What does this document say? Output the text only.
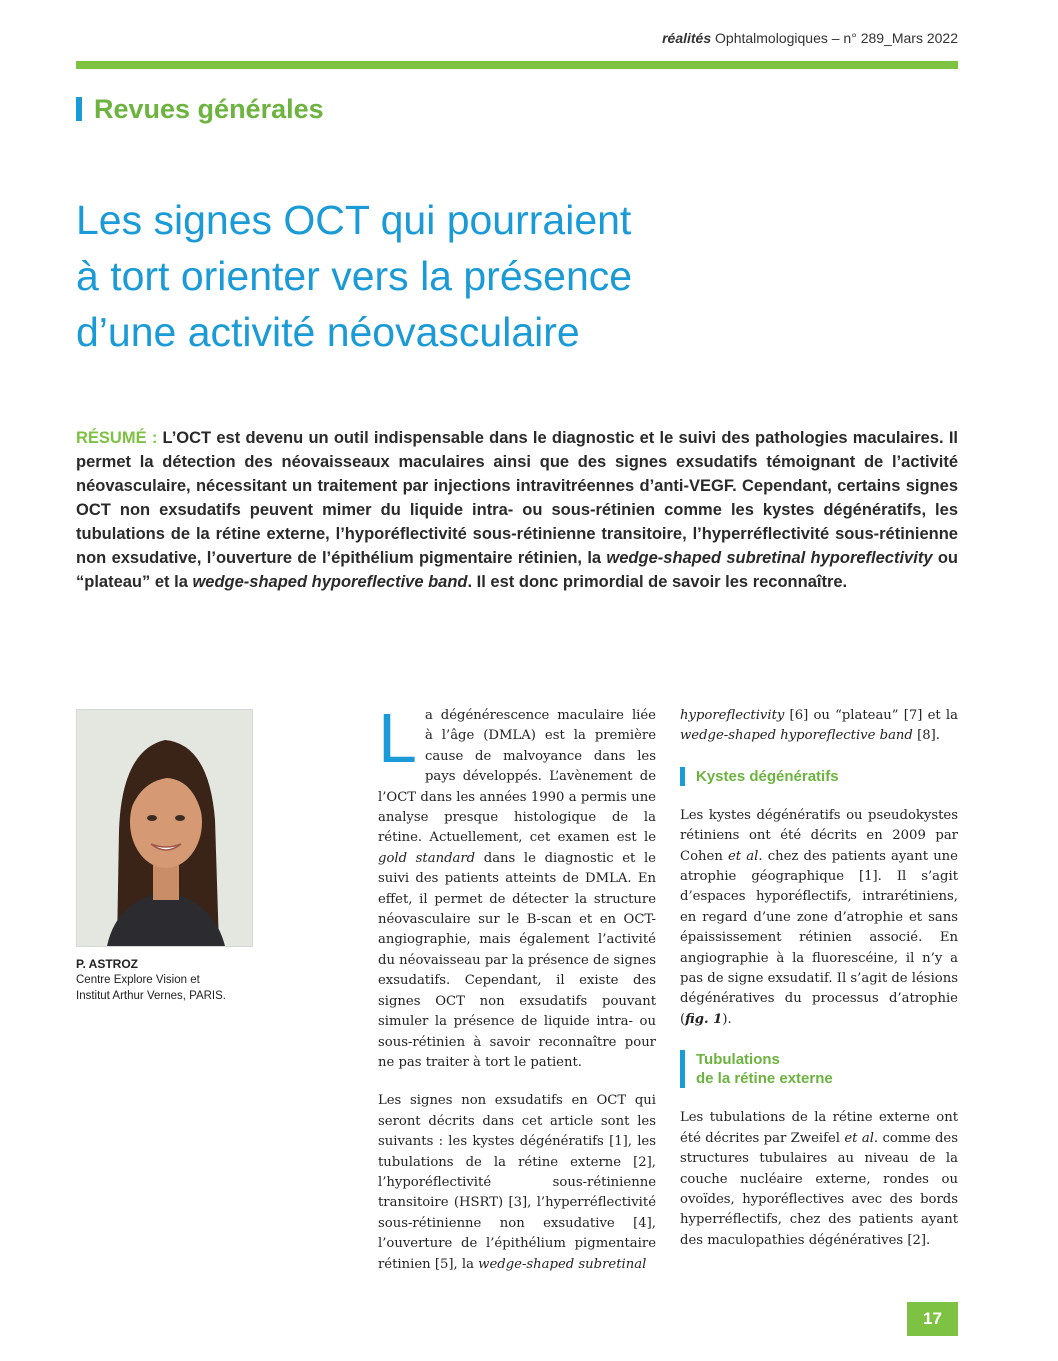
réalités Ophtalmologiques – n° 289_Mars 2022
Revues générales
Les signes OCT qui pourraient
à tort orienter vers la présence
d’une activité néovasculaire

RÉSUMÉ : L’OCT est devenu un outil indispensable dans le diagnostic et le suivi des pathologies maculaires. Il permet la détection des néovaisseaux maculaires ainsi que des signes exsudatifs témoignant de l’activité néovasculaire, nécessitant un traitement par injections intravitréennes d’anti-VEGF. Cependant, certains signes OCT non exsudatifs peuvent mimer du liquide intra- ou sous-rétinien comme les kystes dégénératifs, les tubulations de la rétine externe, l’hyporéflectivité sous-rétinienne transitoire, l’hyperréflectivité sous-rétinienne non exsudative, l’ouverture de l’épithélium pigmentaire rétinien, la wedge-shaped subretinal hyporeflectivity ou “plateau” et la wedge-shaped hyporeflective band. Il est donc primordial de savoir les reconnaître.

P. ASTROZ
Centre Explore Vision et
Institut Arthur Vernes, PARIS.

La dégénérescence maculaire liée à l’âge (DMLA) est la première cause de malvoyance dans les pays développés. L’avènement de l’OCT dans les années 1990 a permis une analyse presque histologique de la rétine. Actuellement, cet examen est le gold standard dans le diagnostic et le suivi des patients atteints de DMLA. En effet, il permet de détecter la structure néovasculaire sur le B-scan et en OCT-angiographie, mais également l’activité du néovaisseau par la présence de signes exsudatifs. Cependant, il existe des signes OCT non exsudatifs pouvant simuler la présence de liquide intra- ou sous-rétinien à savoir reconnaître pour ne pas traiter à tort le patient.

Les signes non exsudatifs en OCT qui seront décrits dans cet article sont les suivants : les kystes dégénératifs [1], les tubulations de la rétine externe [2], l’hyporéflectivité sous-rétinienne transitoire (HSRT) [3], l’hyperréflectivité sous-rétinienne non exsudative [4], l’ouverture de l’épithélium pigmentaire rétinien [5], la wedge-shaped subretinal

hyporeflectivity [6] ou “plateau” [7] et la wedge-shaped hyporeflective band [8].

Kystes dégénératifs

Les kystes dégénératifs ou pseudokystes rétiniens ont été décrits en 2009 par Cohen et al. chez des patients ayant une atrophie géographique [1]. Il s’agit d’espaces hyporéflectifs, intrarétiniens, en regard d’une zone d’atrophie et sans épaississement rétinien associé. En angiographie à la fluorescéine, il n’y a pas de signe exsudatif. Il s’agit de lésions dégénératives du processus d’atrophie (fig. 1).

Tubulations
de la rétine externe

Les tubulations de la rétine externe ont été décrites par Zweifel et al. comme des structures tubulaires au niveau de la couche nucléaire externe, rondes ou ovoïdes, hyporéflectives avec des bords hyperréflectifs, chez des patients ayant des maculopathies dégénératives [2].

17
